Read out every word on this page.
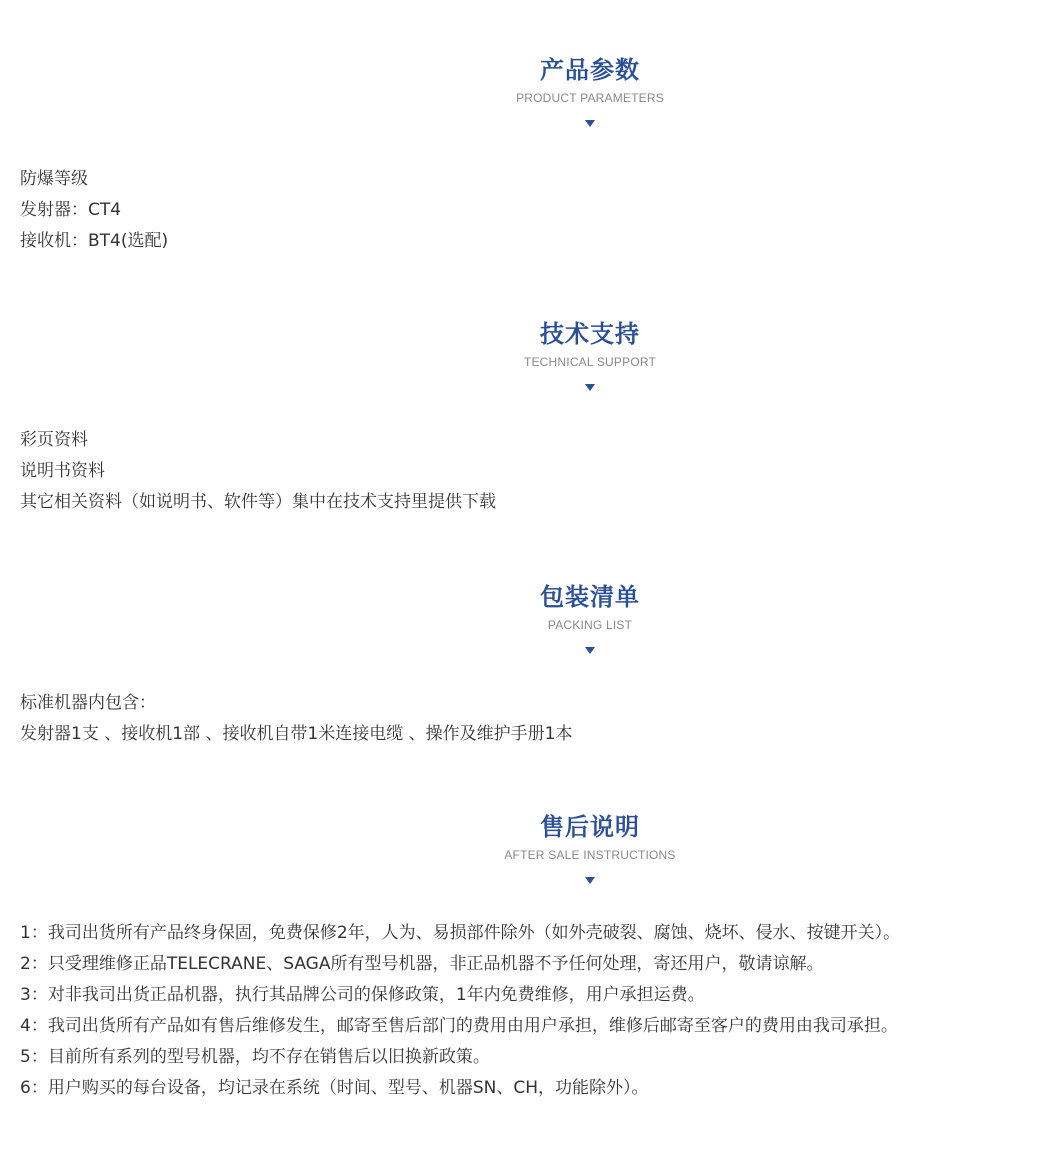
产品参数
PRODUCT PARAMETERS
防爆等级
发射器：CT4
接收机：BT4(选配)
技术支持
TECHNICAL SUPPORT
彩页资料
说明书资料
其它相关资料（如说明书、软件等）集中在技术支持里提供下载
包装清单
PACKING LIST
标准机器内包含：
发射器1支 、接收机1部 、接收机自带1米连接电缆 、操作及维护手册1本
售后说明
AFTER SALE INSTRUCTIONS
1：我司出货所有产品终身保固，免费保修2年，人为、易损部件除外（如外壳破裂、腐蚀、烧坏、侵水、按键开关）。
2：只受理维修正品TELECRANE、SAGA所有型号机器，非正品机器不予任何处理，寄还用户，敬请谅解。
3：对非我司出货正品机器，执行其品牌公司的保修政策，1年内免费维修，用户承担运费。
4：我司出货所有产品如有售后维修发生，邮寄至售后部门的费用由用户承担，维修后邮寄至客户的费用由我司承担。
5：目前所有系列的型号机器，均不存在销售后以旧换新政策。
6：用户购买的每台设备，均记录在系统（时间、型号、机器SN、CH，功能除外）。
